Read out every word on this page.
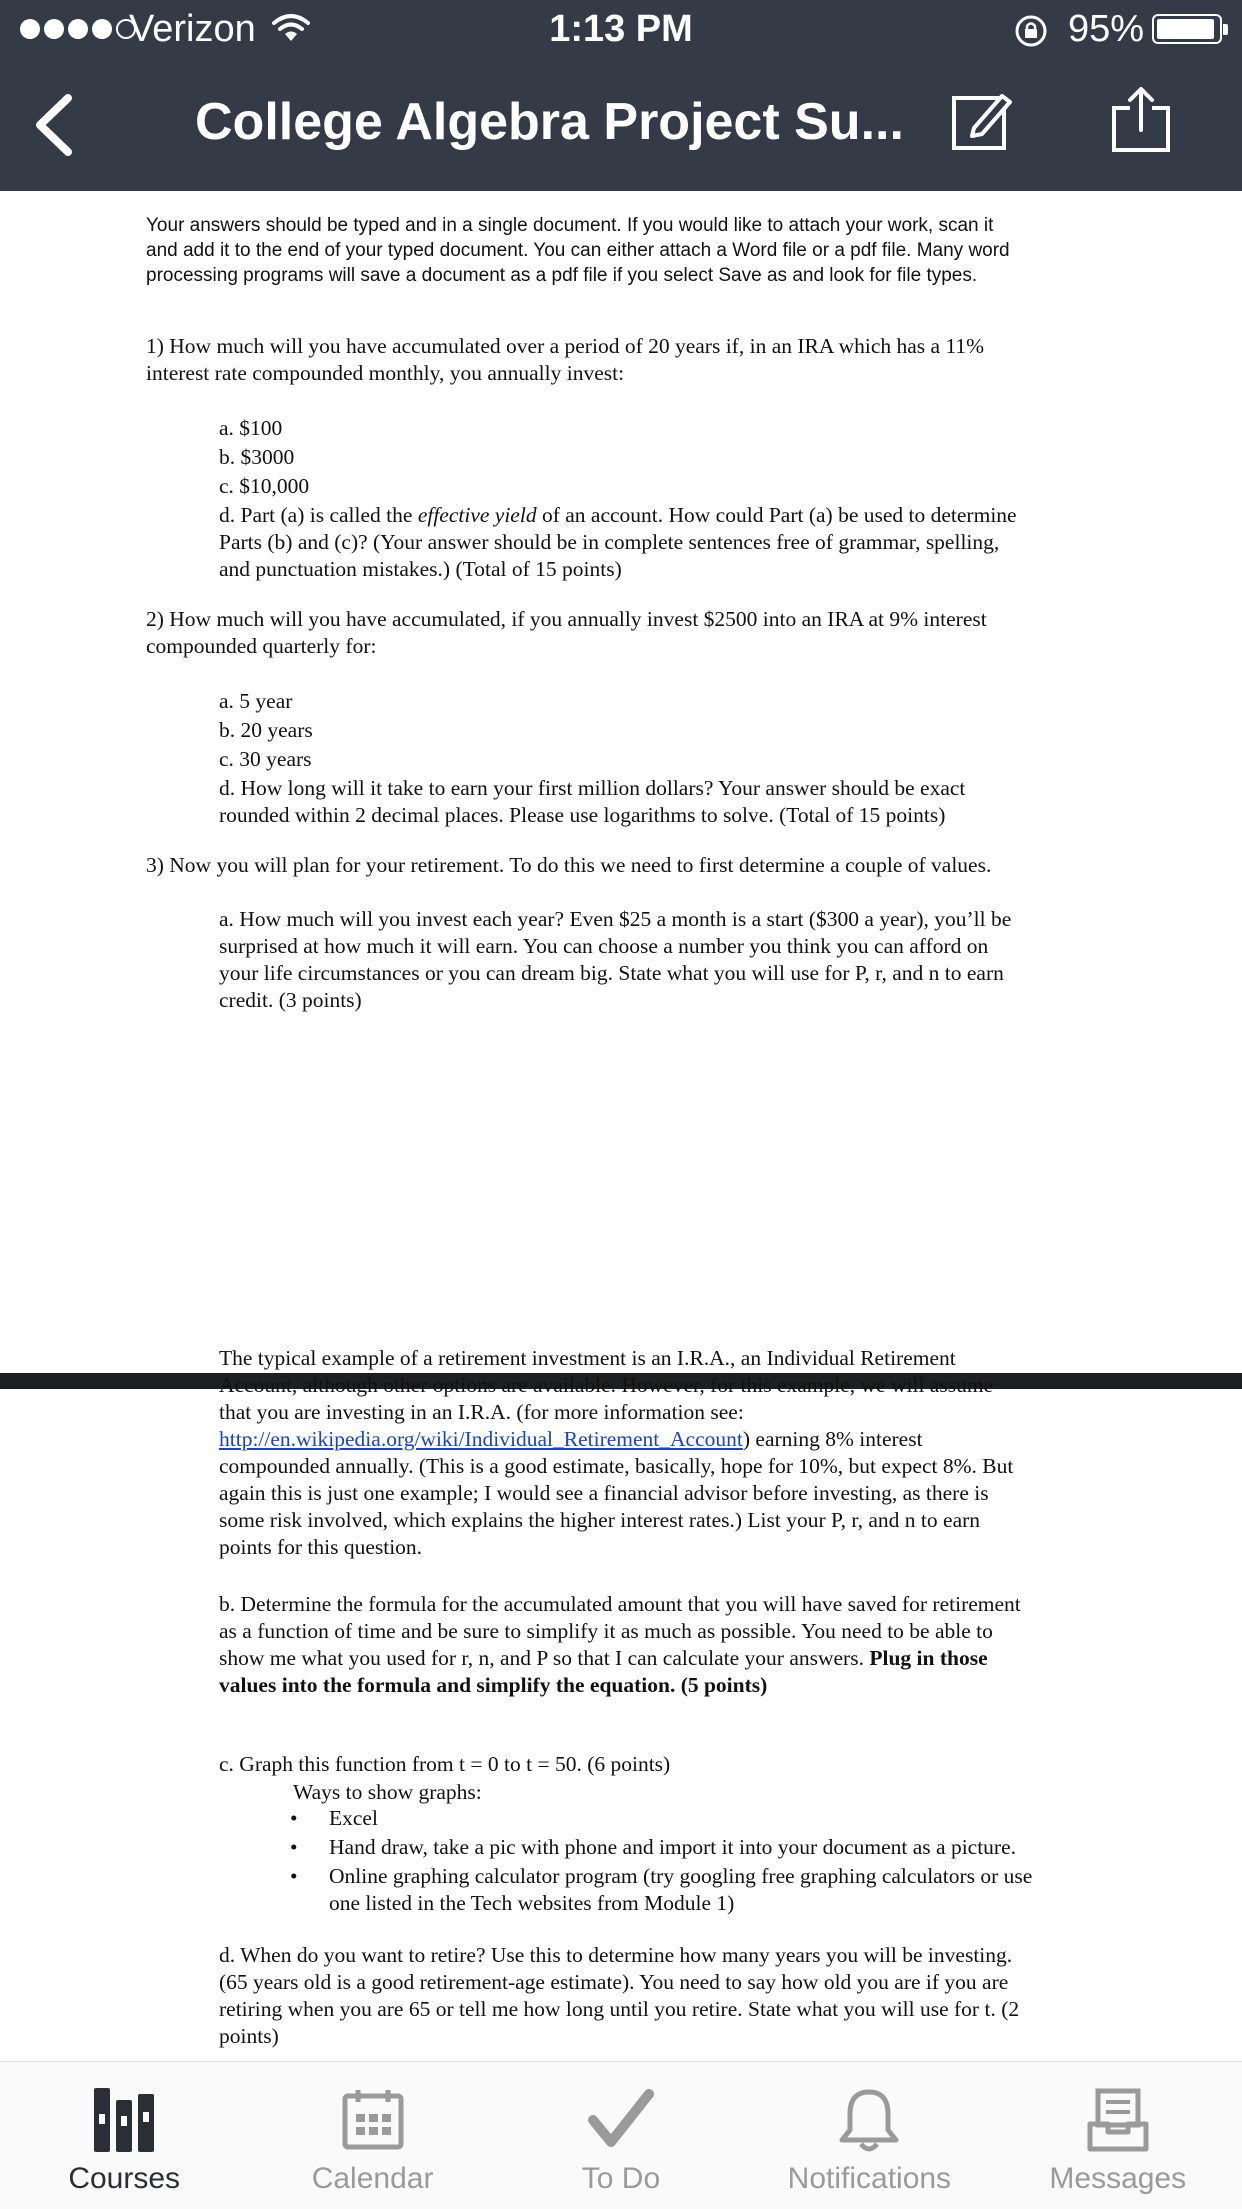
Verizon	1:13 PM	95%
College Algebra Project Su...
Your answers should be typed and in a single document. If you would like to attach your work, scan it
and add it to the end of your typed document. You can either attach a Word file or a pdf file. Many word
processing programs will save a document as a pdf file if you select Save as and look for file types.
1) How much will you have accumulated over a period of 20 years if, in an IRA which has a 11%
interest rate compounded monthly, you annually invest:
a. $100
b. $3000
c. $10,000
d. Part (a) is called the effective yield of an account. How could Part (a) be used to determine
Parts (b) and (c)? (Your answer should be in complete sentences free of grammar, spelling,
and punctuation mistakes.) (Total of 15 points)
2) How much will you have accumulated, if you annually invest $2500 into an IRA at 9% interest
compounded quarterly for:
a. 5 year
b. 20 years
c. 30 years
d. How long will it take to earn your first million dollars? Your answer should be exact
rounded within 2 decimal places. Please use logarithms to solve. (Total of 15 points)
3) Now you will plan for your retirement. To do this we need to first determine a couple of values.
a. How much will you invest each year? Even $25 a month is a start ($300 a year), you’ll be
surprised at how much it will earn. You can choose a number you think you can afford on
your life circumstances or you can dream big. State what you will use for P, r, and n to earn
credit. (3 points)
The typical example of a retirement investment is an I.R.A., an Individual Retirement
Account, although other options are available. However, for this example, we will assume
that you are investing in an I.R.A. (for more information see:
http://en.wikipedia.org/wiki/Individual_Retirement_Account) earning 8% interest
compounded annually. (This is a good estimate, basically, hope for 10%, but expect 8%. But
again this is just one example; I would see a financial advisor before investing, as there is
some risk involved, which explains the higher interest rates.) List your P, r, and n to earn
points for this question.
b. Determine the formula for the accumulated amount that you will have saved for retirement
as a function of time and be sure to simplify it as much as possible. You need to be able to
show me what you used for r, n, and P so that I can calculate your answers. Plug in those
values into the formula and simplify the equation. (5 points)
c. Graph this function from t = 0 to t = 50. (6 points)
Ways to show graphs:
• Excel
• Hand draw, take a pic with phone and import it into your document as a picture.
• Online graphing calculator program (try googling free graphing calculators or use
one listed in the Tech websites from Module 1)
d. When do you want to retire? Use this to determine how many years you will be investing.
(65 years old is a good retirement-age estimate). You need to say how old you are if you are
retiring when you are 65 or tell me how long until you retire. State what you will use for t. (2
points)
Courses	Calendar	To Do	Notifications	Messages
